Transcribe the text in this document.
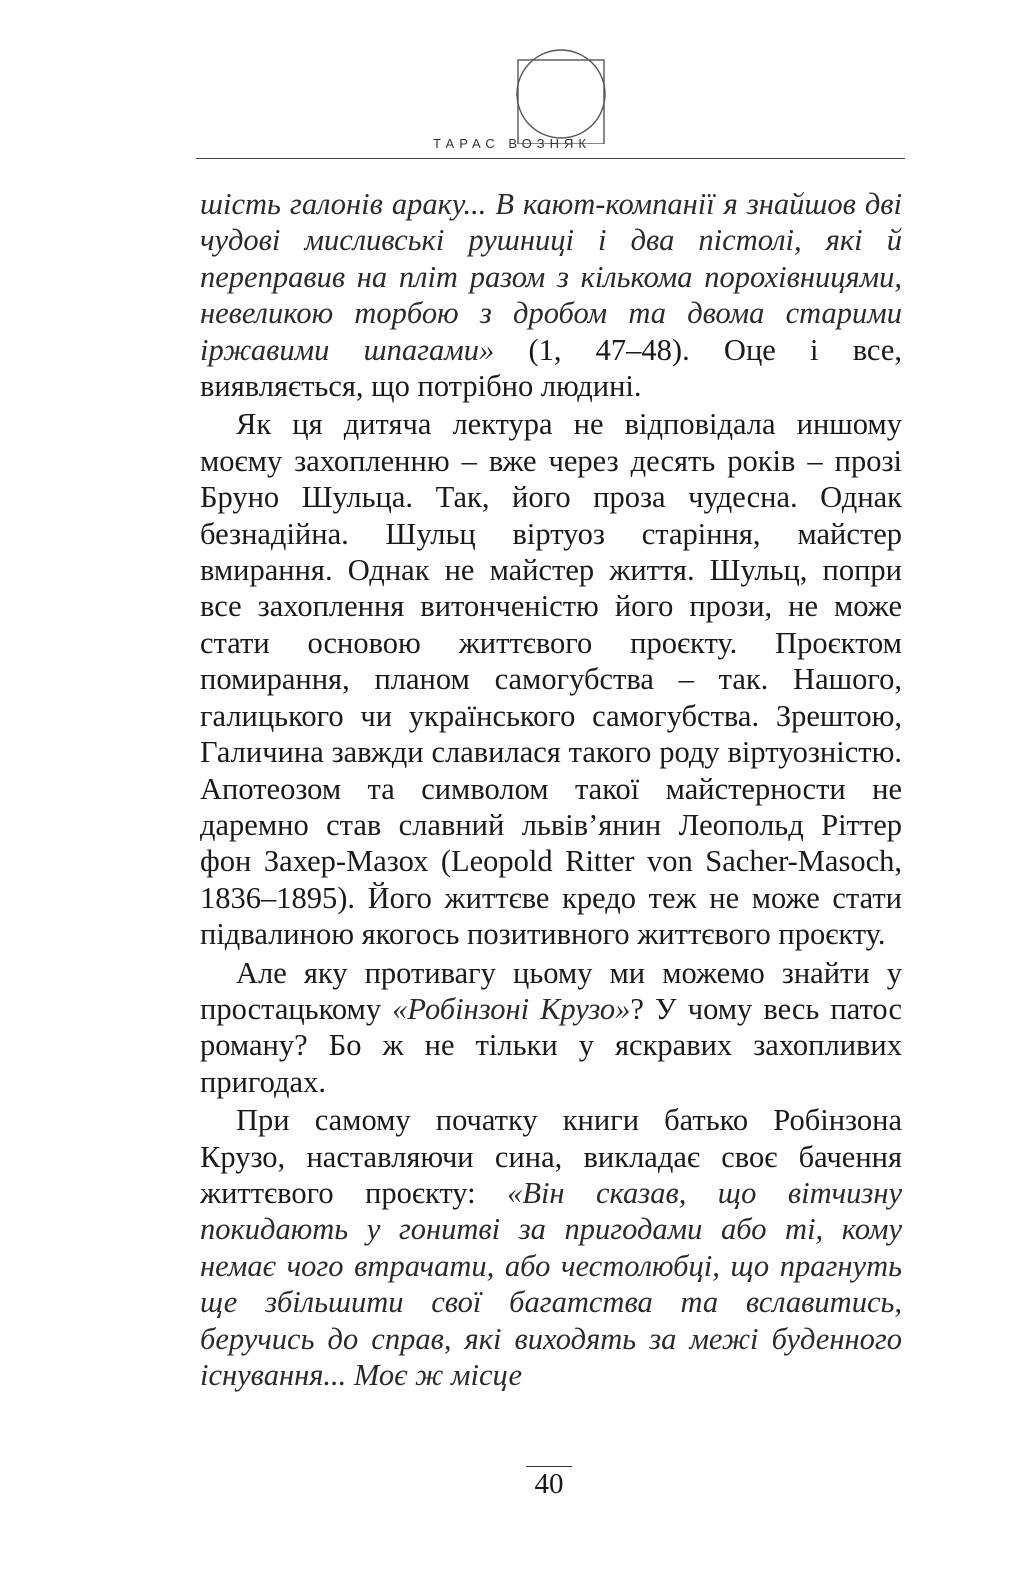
ТАРАС ВОЗНЯК

шість галонів араку... В кают-компанії я знайшов дві чудові мисливські рушниці і два пістолі, які й переправив на пліт разом з кількома порохівницями, невеликою торбою з дробом та двома старими іржавими шпагами» (1, 47–48). Оце і все, виявляється, що потрібно людині.

Як ця дитяча лектура не відповідала иншому моєму захопленню – вже через десять років – прозі Бруно Шульца. Так, його проза чудесна. Однак безнадійна. Шульц віртуоз старіння, майстер вмирання. Однак не майстер життя. Шульц, попри все захоплення витонченістю його прози, не може стати основою життєвого проєкту. Проєктом помирання, планом самогубства – так. Нашого, галицького чи українського самогубства. Зрештою, Галичина завжди славилася такого роду віртуозністю. Апотеозом та символом такої майстерности не даремно став славний львів’янин Леопольд Ріттер фон Захер-Мазох (Leopold Ritter von Sacher-Masoch, 1836–1895). Його життєве кредо теж не може стати підвалиною якогось позитивного життєвого проєкту.

Але яку противагу цьому ми можемо знайти у простацькому «Робінзоні Крузо»? У чому весь патос роману? Бо ж не тільки у яскравих захопливих пригодах.

При самому початку книги батько Робінзона Крузо, наставляючи сина, викладає своє бачення життєвого проєкту: «Він сказав, що вітчизну покидають у гонитві за пригодами або ті, кому немає чого втрачати, або честолюбці, що прагнуть ще збільшити свої багатства та вславитись, беручись до справ, які виходять за межі буденного існування... Моє ж місце

40
